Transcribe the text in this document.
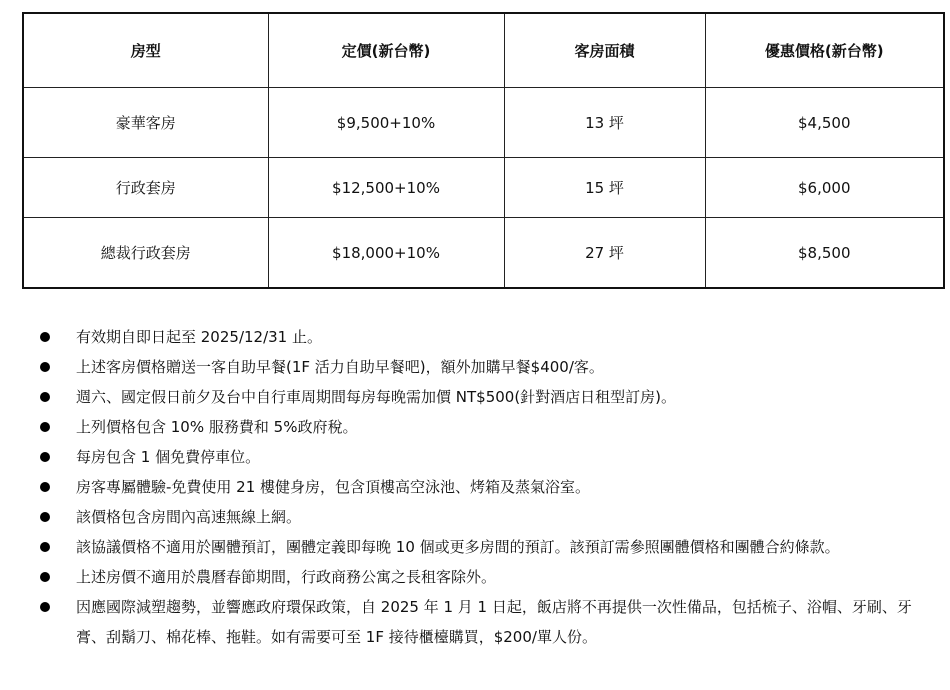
房型	定價(新台幣)	客房面積	優惠價格(新台幣)
豪華客房	$9,500+10%	13 坪	$4,500
行政套房	$12,500+10%	15 坪	$6,000
總裁行政套房	$18,000+10%	27 坪	$8,500
有效期自即日起至 2025/12/31 止。
上述客房價格贈送一客自助早餐(1F 活力自助早餐吧)，額外加購早餐$400/客。
週六、國定假日前夕及台中自行車周期間每房每晚需加價 NT$500(針對酒店日租型訂房)。
上列價格包含 10% 服務費和 5%政府稅。
每房包含 1 個免費停車位。
房客專屬體驗-免費使用 21 樓健身房，包含頂樓高空泳池、烤箱及蒸氣浴室。
該價格包含房間內高速無線上網。
該協議價格不適用於團體預訂，團體定義即每晚 10 個或更多房間的預訂。該預訂需參照團體價格和團體合約條款。
上述房價不適用於農曆春節期間，行政商務公寓之長租客除外。
因應國際減塑趨勢，並響應政府環保政策，自 2025 年 1 月 1 日起，飯店將不再提供一次性備品，包括梳子、浴帽、牙刷、牙膏、刮鬍刀、棉花棒、拖鞋。如有需要可至 1F 接待櫃檯購買，$200/單人份。
